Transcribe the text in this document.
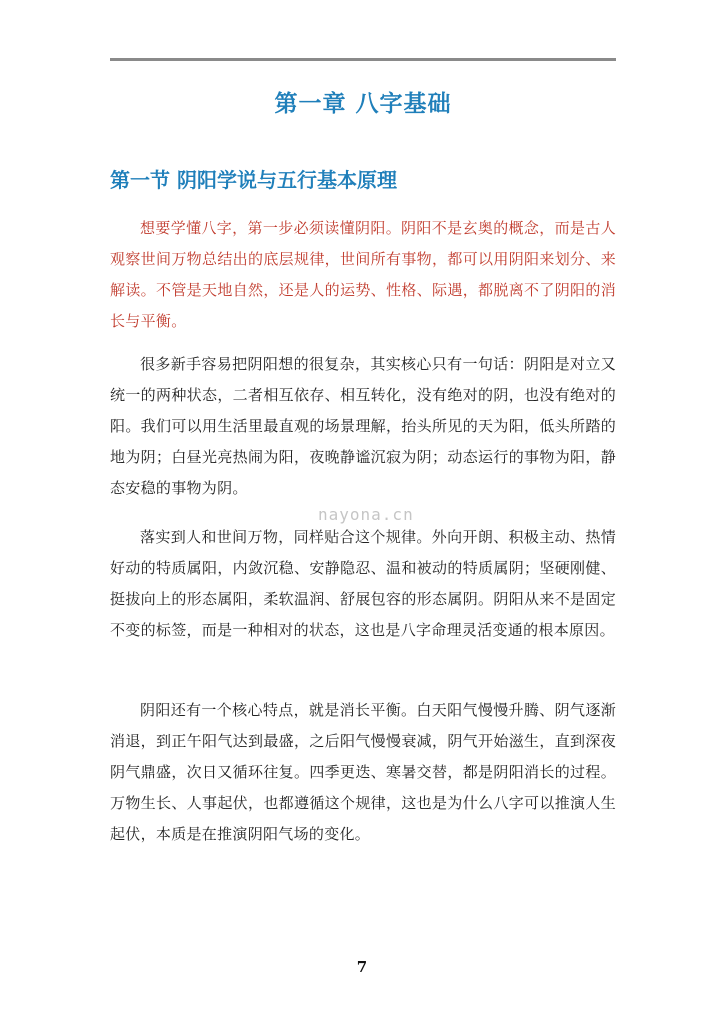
第一章 八字基础
第一节 阴阳学说与五行基本原理

想要学懂八字，第一步必须读懂阴阳。阴阳不是玄奥的概念，而是古人观察世间万物总结出的底层规律，世间所有事物，都可以用阴阳来划分、来解读。不管是天地自然，还是人的运势、性格、际遇，都脱离不了阴阳的消长与平衡。

很多新手容易把阴阳想的很复杂，其实核心只有一句话：阴阳是对立又统一的两种状态，二者相互依存、相互转化，没有绝对的阴，也没有绝对的阳。我们可以用生活里最直观的场景理解，抬头所见的天为阳，低头所踏的地为阴；白昼光亮热闹为阳，夜晚静谧沉寂为阴；动态运行的事物为阳，静态安稳的事物为阴。

nayona.cn

落实到人和世间万物，同样贴合这个规律。外向开朗、积极主动、热情好动的特质属阳，内敛沉稳、安静隐忍、温和被动的特质属阴；坚硬刚健、挺拔向上的形态属阳，柔软温润、舒展包容的形态属阴。阴阳从来不是固定不变的标签，而是一种相对的状态，这也是八字命理灵活变通的根本原因。

阴阳还有一个核心特点，就是消长平衡。白天阳气慢慢升腾、阴气逐渐消退，到正午阳气达到最盛，之后阳气慢慢衰减，阴气开始滋生，直到深夜阴气鼎盛，次日又循环往复。四季更迭、寒暑交替，都是阴阳消长的过程。万物生长、人事起伏，也都遵循这个规律，这也是为什么八字可以推演人生起伏，本质是在推演阴阳气场的变化。

7
